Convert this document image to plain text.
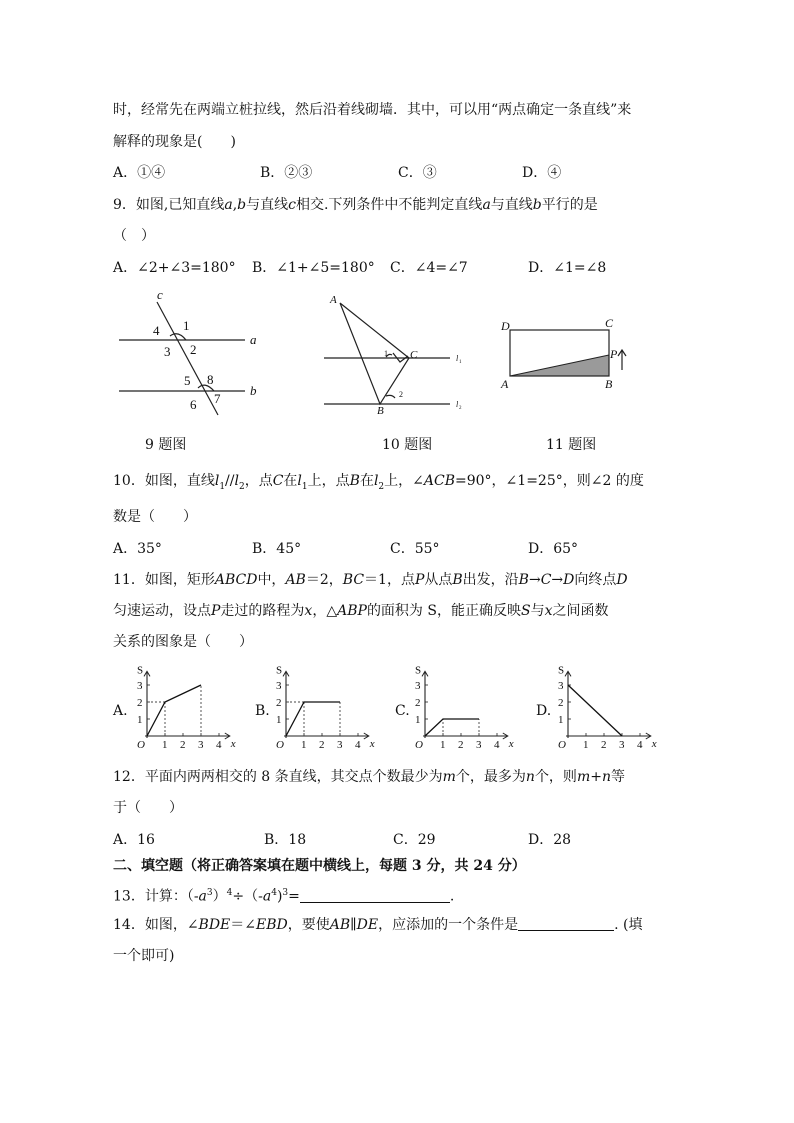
时，经常先在两端立桩拉线，然后沿着线砌墙．其中，可以用“两点确定一条直线”来
解释的现象是(　　)
A．①④	B．②③	C．③	D．④
9．如图,已知直线a,b与直线c相交.下列条件中不能判定直线a与直线b平行的是
（　）
A．∠2+∠3=180° B．∠1+∠5=180° C．∠4=∠7	D．∠1=∠8
c
a
b
1
2
3
4
5
6 7
8
A
B
C
1
2
l 1
l 2
D	C
P
A	B
9 题图	10 题图	11 题图
10．如图，直线$l_1//l_2$，点C在$l_1$上，点B在$l_2$上，∠ACB=90°，∠1=25°，则∠2 的度
数是（　　）
A．35°	B．45°	C．55°	D．65°
11．如图，矩形ABCD中，AB＝2，BC＝1，点P从点B出发，沿B→C→D向终点D
匀速运动，设点P走过的路程为x，△ABP的面积为 S，能正确反映S与x之间函数
关系的图象是（　　）
A.	B.	C.	D.
S
x
O
1
2
3
1 2 3 4
S
x
O
1
2
3
1 2 3 4
S
x
O
1
2
3
1 2 3 4
S
x
O
1
2
3
1 2 3 4
12．平面内两两相交的 8 条直线，其交点个数最少为m个，最多为n个，则m+n等
于（　　）
A．16	B．18	C．29	D．28
二、填空题（将正确答案填在题中横线上，每题 3 分，共 24 分）
13．计算：$(-a^3)^4\div(-a^4)^3=$	.
14．如图，∠BDE＝∠EBD，要使AB∥DE，应添加的一个条件是	. (填
一个即可)
